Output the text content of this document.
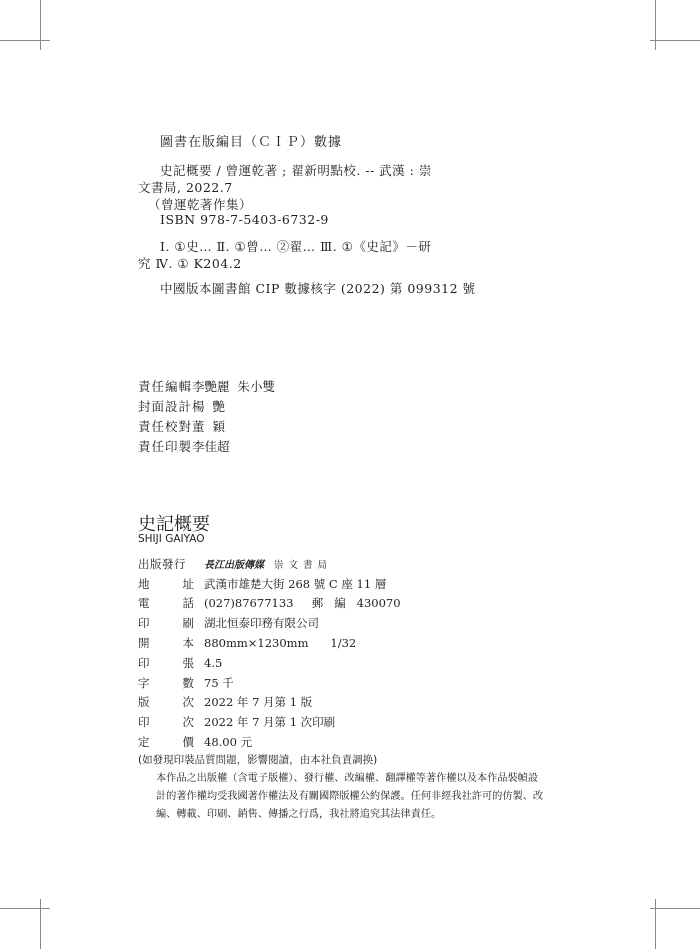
圖書在版編目（ＣＩＰ）數據
史記概要 / 曾運乾著 ; 翟新明點校. -- 武漢 : 崇
文書局, 2022.7
（曾運乾著作集）
ISBN 978-7-5403-6732-9
Ⅰ. ①史… Ⅱ. ①曾… ②翟… Ⅲ. ①《史記》－研
究 Ⅳ. ① K204.2
中國版本圖書館 CIP 數據核字 (2022) 第 099312 號
責任編輯 李艷麗  朱小雙
封面設計 楊  艷
責任校對 董  穎
責任印製 李佳超
史記概要
SHIJI GAIYAO
出版發行	長江出版傳媒 崇 文 書 局
地	址 武漢市雄楚大街 268 號 C 座 11 層
電	話 (027)87677133     郵   編   430070
印	刷 湖北恒泰印務有限公司
開	本 880mm×1230mm      1/32
印	張 4.5
字	數 75 千
版	次 2022 年 7 月第 1 版
印	次 2022 年 7 月第 1 次印刷
定	價 48.00 元
(如發現印裝品質問題，影響閱讀，由本社負責調换)
本作品之出版權（含電子版權）、發行權、改編權、翻譯權等著作權以及本作品裝幀設計的著作權均受我國著作權法及有關國際版權公約保護。任何非經我社許可的仿製、改編、轉載、印刷、銷售、傳播之行爲，我社將追究其法律責任。
